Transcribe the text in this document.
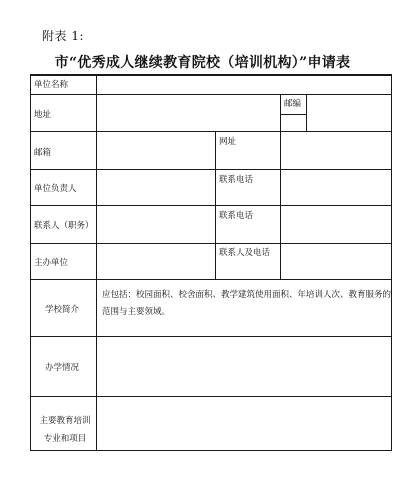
附表 1:
市“优秀成人继续教育院校（培训机构）”申请表
单位名称
地址
邮编
邮箱
网址
单位负责人
联系电话
联系人（职务）
联系电话
主办单位
联系人及电话
学校简介
应包括：校园面积、校舍面积、教学建筑使用面积、年培训人次、教育服务的范围与主要领域。
办学情况
主要教育培训专业和项目
